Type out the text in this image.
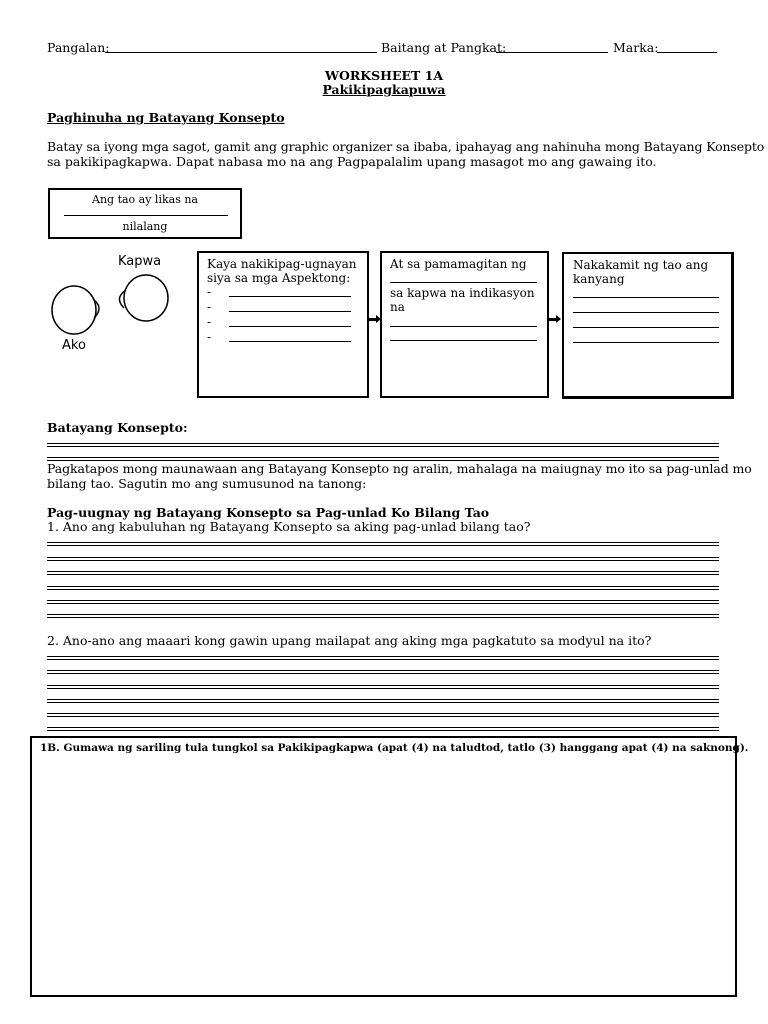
Pangalan:	Baitang at Pangkat:	Marka:
WORKSHEET 1A
Pakikipagkapuwa
Paghinuha ng Batayang Konsepto
Batay sa iyong mga sagot, gamit ang graphic organizer sa ibaba, ipahayag ang nahinuha mong Batayang Konsepto
sa pakikipagkapwa. Dapat nabasa mo na ang Pagpapalalim upang masagot mo ang gawaing ito.
Ang tao ay likas na
nilalang
Kapwa
Ako
Kaya nakikipag-ugnayan
siya sa mga Aspektong:
-
-
-
-
At sa pamamagitan ng
sa kapwa na indikasyon
na
Nakakamit ng tao ang
kanyang
Batayang Konsepto:
Pagkatapos mong maunawaan ang Batayang Konsepto ng aralin, mahalaga na maiugnay mo ito sa pag-unlad mo
bilang tao. Sagutin mo ang sumusunod na tanong:
Pag-uugnay ng Batayang Konsepto sa Pag-unlad Ko Bilang Tao
1. Ano ang kabuluhan ng Batayang Konsepto sa aking pag-unlad bilang tao?
2. Ano-ano ang maaari kong gawin upang mailapat ang aking mga pagkatuto sa modyul na ito?
1B. Gumawa ng sariling tula tungkol sa Pakikipagkapwa (apat (4) na taludtod, tatlo (3) hanggang apat (4) na saknong).
